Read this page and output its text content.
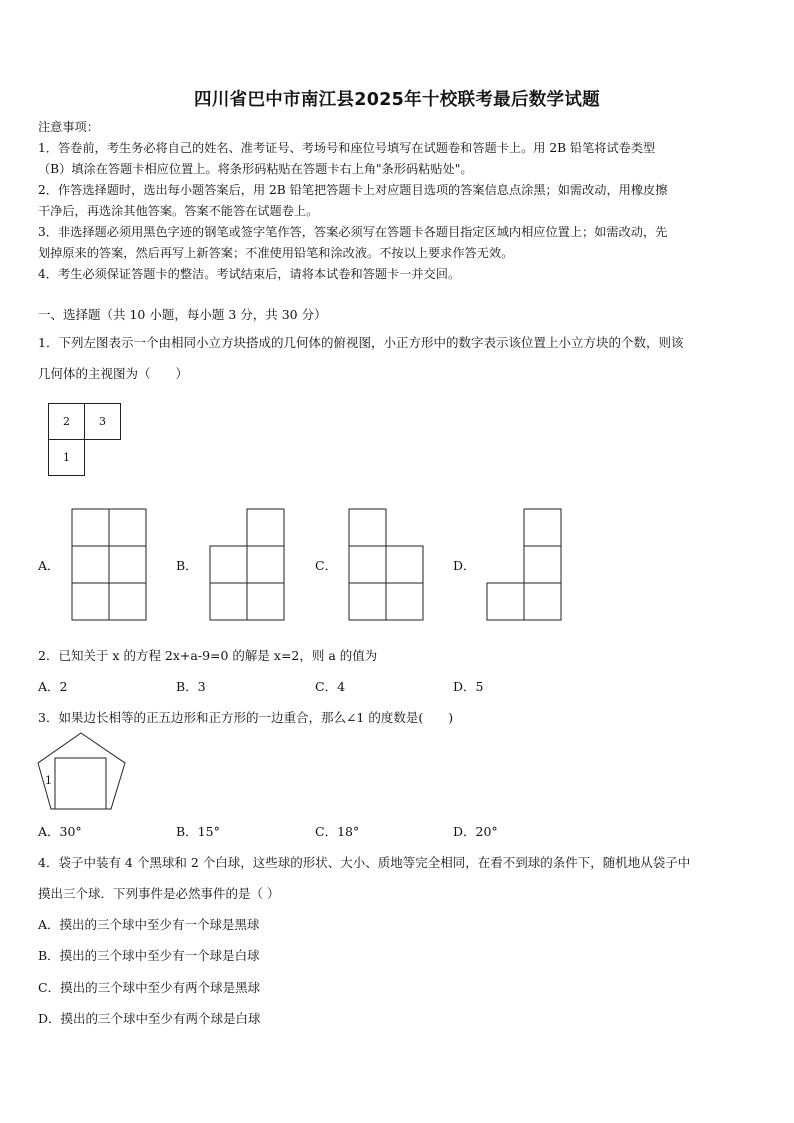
四川省巴中市南江县2025年十校联考最后数学试题
注意事项：
1．答卷前，考生务必将自己的姓名、准考证号、考场号和座位号填写在试题卷和答题卡上。用 2B 铅笔将试卷类型
（B）填涂在答题卡相应位置上。将条形码粘贴在答题卡右上角"条形码粘贴处"。
2．作答选择题时，选出每小题答案后，用 2B 铅笔把答题卡上对应题目选项的答案信息点涂黑；如需改动，用橡皮擦
干净后，再选涂其他答案。答案不能答在试题卷上。
3．非选择题必须用黑色字迹的钢笔或签字笔作答，答案必须写在答题卡各题目指定区域内相应位置上；如需改动，先
划掉原来的答案，然后再写上新答案；不准使用铅笔和涂改液。不按以上要求作答无效。
4．考生必须保证答题卡的整洁。考试结束后，请将本试卷和答题卡一并交回。
一、选择题（共 10 小题，每小题 3 分，共 30 分）
1．下列左图表示一个由相同小立方块搭成的几何体的俯视图，小正方形中的数字表示该位置上小立方块的个数，则该
几何体的主视图为（　　）
2	3
1
A．	B．	C．	D．
2．已知关于 x 的方程 2x+a-9=0 的解是 x=2，则 a 的值为
A．2	B．3	C．4	D．5
3．如果边长相等的正五边形和正方形的一边重合，那么∠1 的度数是(　　)
1
A．30°	B．15°	C．18°	D．20°
4．袋子中装有 4 个黑球和 2 个白球，这些球的形状、大小、质地等完全相同，在看不到球的条件下，随机地从袋子中
摸出三个球．下列事件是必然事件的是（ ）
A．摸出的三个球中至少有一个球是黑球
B．摸出的三个球中至少有一个球是白球
C．摸出的三个球中至少有两个球是黑球
D．摸出的三个球中至少有两个球是白球
